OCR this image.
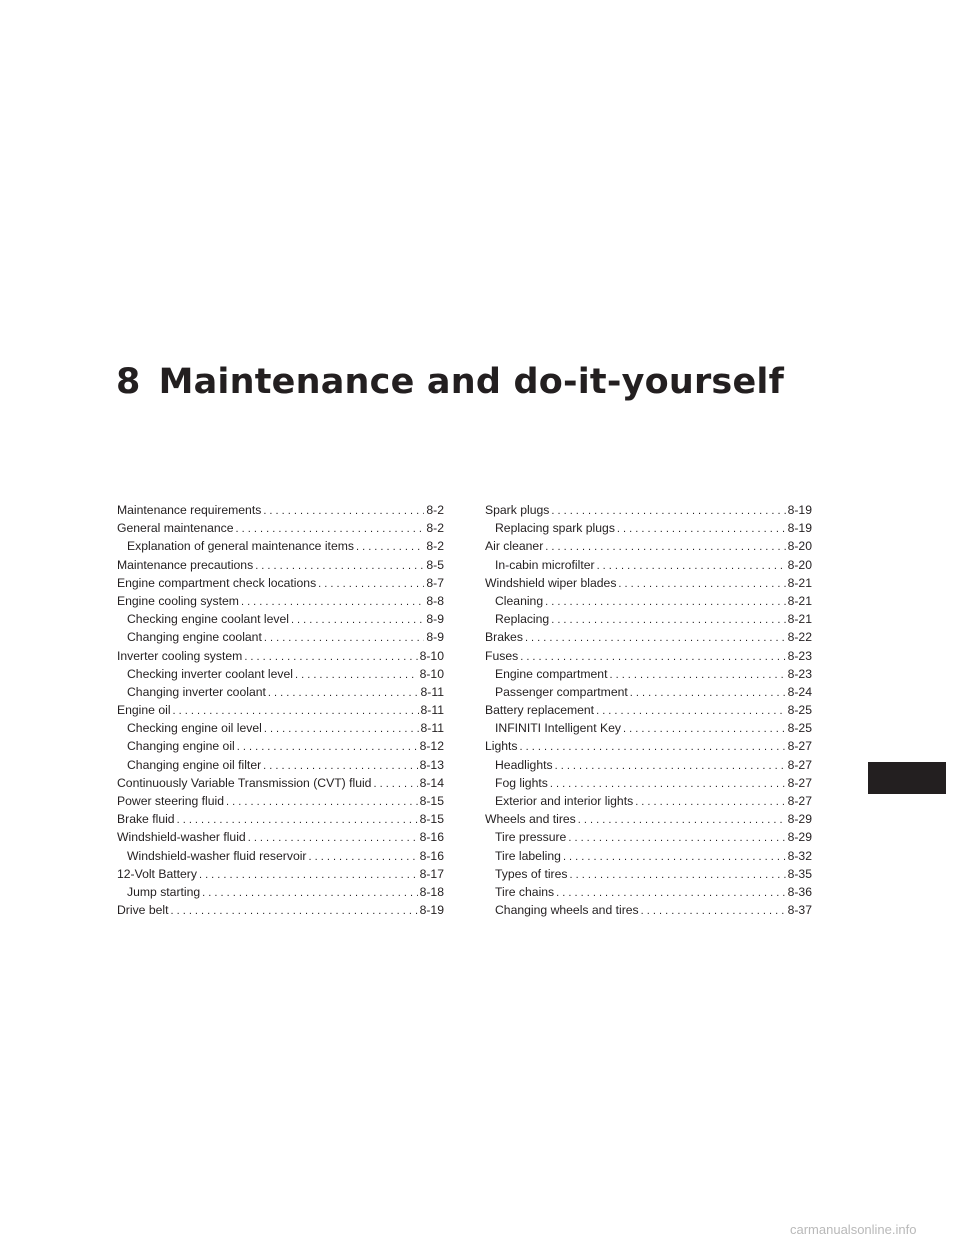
8 Maintenance and do-it-yourself
Maintenance requirements . . .	8-2
General maintenance . . .	8-2
Explanation of general maintenance items . . .	8-2
Maintenance precautions . . .	8-5
Engine compartment check locations . . .	8-7
Engine cooling system . . .	8-8
Checking engine coolant level . . .	8-9
Changing engine coolant . . .	8-9
Inverter cooling system . . .	8-10
Checking inverter coolant level . . .	8-10
Changing inverter coolant . . .	8-11
Engine oil . . .	8-11
Checking engine oil level . . .	8-11
Changing engine oil . . .	8-12
Changing engine oil filter . . .	8-13
Continuously Variable Transmission (CVT) fluid . . .	8-14
Power steering fluid . . .	8-15
Brake fluid . . .	8-15
Windshield-washer fluid . . .	8-16
Windshield-washer fluid reservoir . . .	8-16
12-Volt Battery . . .	8-17
Jump starting . . .	8-18
Drive belt . . .	8-19
Spark plugs . . .	8-19
Replacing spark plugs . . .	8-19
Air cleaner . . .	8-20
In-cabin microfilter . . .	8-20
Windshield wiper blades . . .	8-21
Cleaning . . .	8-21
Replacing . . .	8-21
Brakes . . .	8-22
Fuses . . .	8-23
Engine compartment . . .	8-23
Passenger compartment . . .	8-24
Battery replacement . . .	8-25
INFINITI Intelligent Key . . .	8-25
Lights . . .	8-27
Headlights . . .	8-27
Fog lights . . .	8-27
Exterior and interior lights . . .	8-27
Wheels and tires . . .	8-29
Tire pressure . . .	8-29
Tire labeling . . .	8-32
Types of tires . . .	8-35
Tire chains . . .	8-36
Changing wheels and tires . . .	8-37
carmanualsonline.info
